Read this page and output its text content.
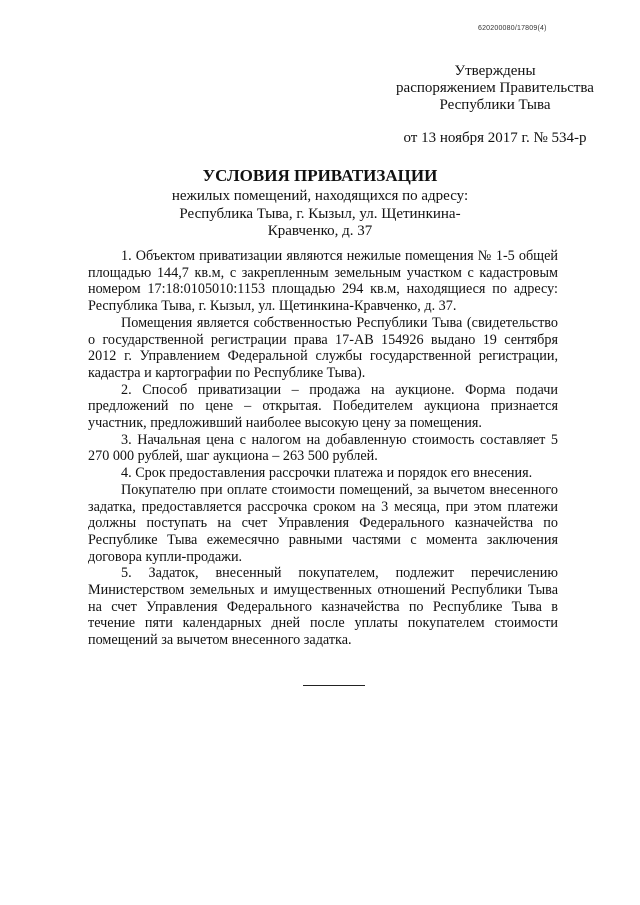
620200080/17809(4)
Утверждены
распоряжением Правительства
Республики Тыва
от 13 ноября 2017 г. № 534-р
УСЛОВИЯ ПРИВАТИЗАЦИИ
нежилых помещений, находящихся по адресу:
Республика Тыва, г. Кызыл, ул. Щетинкина-
Кравченко, д. 37

1. Объектом приватизации являются нежилые помещения № 1-5 общей площадью 144,7 кв.м, с закрепленным земельным участком с кадастровым номером 17:18:0105010:1153 площадью 294 кв.м, находящиеся по адресу: Республика Тыва, г. Кызыл, ул. Щетинкина-Кравченко, д. 37.

Помещения является собственностью Республики Тыва (свидетельство о государственной регистрации права 17-АВ 154926 выдано 19 сентября 2012 г. Управлением Федеральной службы государственной регистрации, кадастра и картографии по Республике Тыва).

2. Способ приватизации – продажа на аукционе. Форма подачи предложений по цене – открытая. Победителем аукциона признается участник, предложивший наиболее высокую цену за помещения.

3. Начальная цена с налогом на добавленную стоимость составляет 5 270 000 рублей, шаг аукциона – 263 500 рублей.

4. Срок предоставления рассрочки платежа и порядок его внесения.

Покупателю при оплате стоимости помещений, за вычетом внесенного задатка, предоставляется рассрочка сроком на 3 месяца, при этом платежи должны поступать на счет Управления Федерального казначейства по Республике Тыва ежемесячно равными частями с момента заключения договора купли-продажи.

5. Задаток, внесенный покупателем, подлежит перечислению Министерством земельных и имущественных отношений Республики Тыва на счет Управления Федерального казначейства по Республике Тыва в течение пяти календарных дней после уплаты покупателем стоимости помещений за вычетом внесенного задатка.
